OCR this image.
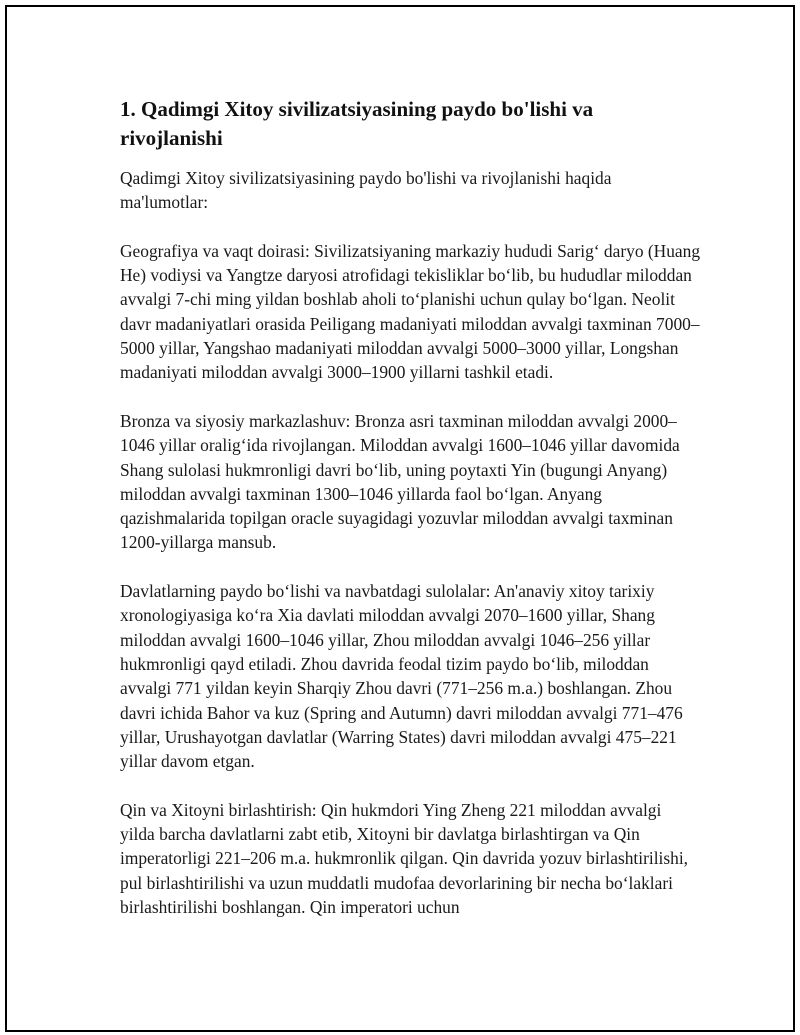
1. Qadimgi Xitoy sivilizatsiyasining paydo bo'lishi va rivojlanishi

Qadimgi Xitoy sivilizatsiyasining paydo bo'lishi va rivojlanishi haqida ma'lumotlar:

Geografiya va vaqt doirasi: Sivilizatsiyaning markaziy hududi Sarig‘ daryo (Huang He) vodiysi va Yangtze daryosi atrofidagi tekisliklar bo‘lib, bu hududlar miloddan avvalgi 7-chi ming yildan boshlab aholi to‘planishi uchun qulay bo‘lgan. Neolit davr madaniyatlari orasida Peiligang madaniyati miloddan avvalgi taxminan 7000–5000 yillar, Yangshao madaniyati miloddan avvalgi 5000–3000 yillar, Longshan madaniyati miloddan avvalgi 3000–1900 yillarni tashkil etadi.

Bronza va siyosiy markazlashuv: Bronza asri taxminan miloddan avvalgi 2000–1046 yillar oralig‘ida rivojlangan. Miloddan avvalgi 1600–1046 yillar davomida Shang sulolasi hukmronligi davri bo‘lib, uning poytaxti Yin (bugungi Anyang) miloddan avvalgi taxminan 1300–1046 yillarda faol bo‘lgan. Anyang qazishmalarida topilgan oracle suyagidagi yozuvlar miloddan avvalgi taxminan 1200-yillarga mansub.

Davlatlarning paydo bo‘lishi va navbatdagi sulolalar: An'anaviy xitoy tarixiy xronologiyasiga ko‘ra Xia davlati miloddan avvalgi 2070–1600 yillar, Shang miloddan avvalgi 1600–1046 yillar, Zhou miloddan avvalgi 1046–256 yillar hukmronligi qayd etiladi. Zhou davrida feodal tizim paydo bo‘lib, miloddan avvalgi 771 yildan keyin Sharqiy Zhou davri (771–256 m.a.) boshlangan. Zhou davri ichida Bahor va kuz (Spring and Autumn) davri miloddan avvalgi 771–476 yillar, Urushayotgan davlatlar (Warring States) davri miloddan avvalgi 475–221 yillar davom etgan.

Qin va Xitoyni birlashtirish: Qin hukmdori Ying Zheng 221 miloddan avvalgi yilda barcha davlatlarni zabt etib, Xitoyni bir davlatga birlashtirgan va Qin imperatorligi 221–206 m.a. hukmronlik qilgan. Qin davrida yozuv birlashtirilishi, pul birlashtirilishi va uzun muddatli mudofaa devorlarining bir necha bo‘laklari birlashtirilishi boshlangan. Qin imperatori uchun
